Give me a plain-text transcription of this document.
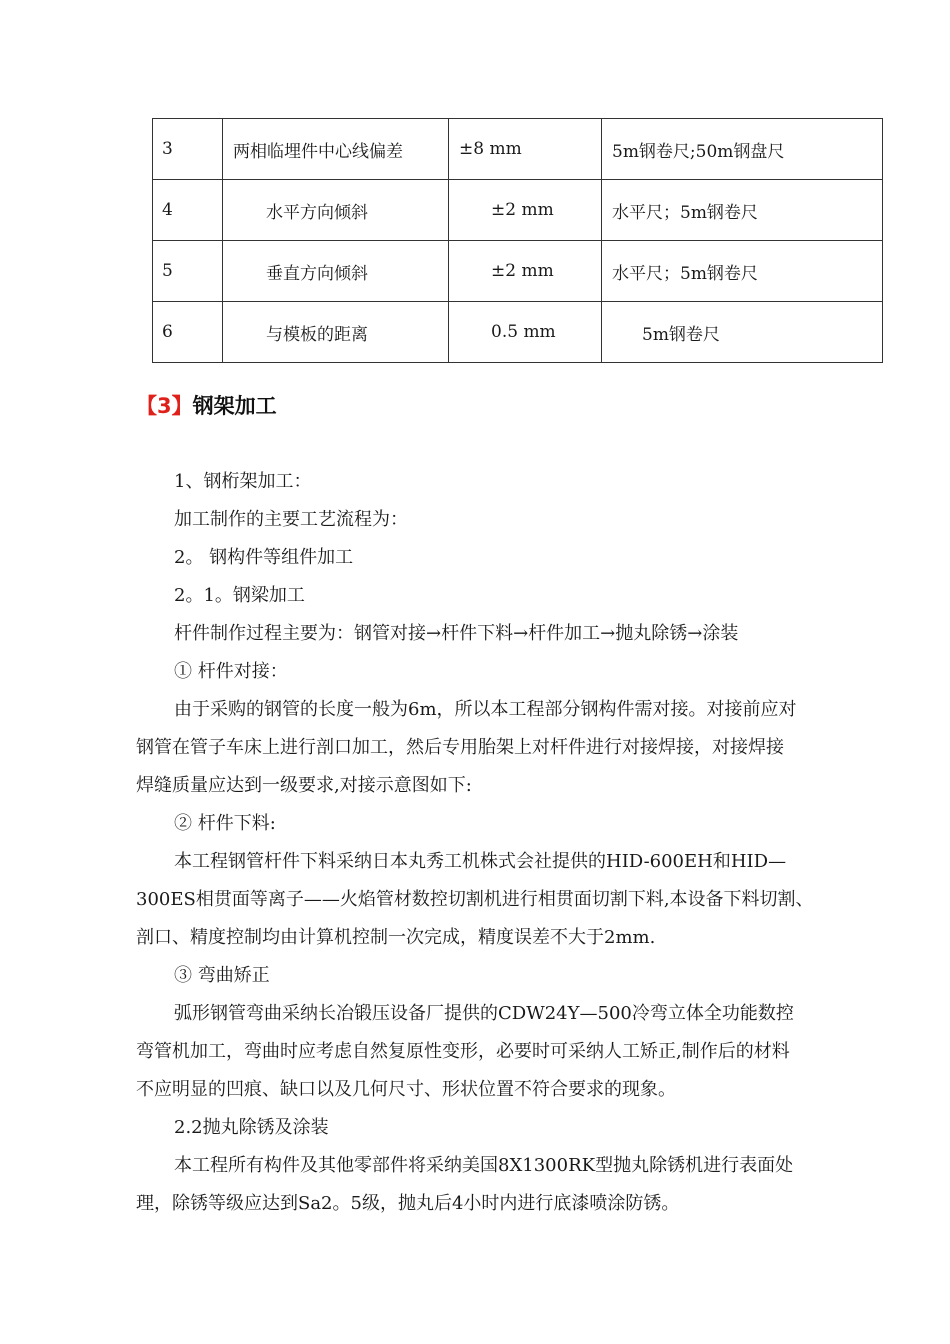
3	两相临埋件中心线偏差	±8 mm	5m钢卷尺;50m钢盘尺
4	水平方向倾斜	±2 mm	水平尺；5m钢卷尺
5	垂直方向倾斜	±2 mm	水平尺；5m钢卷尺
6	与模板的距离	0.5 mm	5m钢卷尺
【3】钢架加工
1、钢桁架加工：
加工制作的主要工艺流程为：
2。 钢构件等组件加工
2。1。钢梁加工
杆件制作过程主要为：钢管对接→杆件下料→杆件加工→抛丸除锈→涂装
① 杆件对接：
由于采购的钢管的长度一般为6m，所以本工程部分钢构件需对接。对接前应对
钢管在管子车床上进行剖口加工，然后专用胎架上对杆件进行对接焊接，对接焊接
焊缝质量应达到一级要求,对接示意图如下:
② 杆件下料:
本工程钢管杆件下料采纳日本丸秀工机株式会社提供的HID-600EH和HID—
300ES相贯面等离子——火焰管材数控切割机进行相贯面切割下料,本设备下料切割、
剖口、精度控制均由计算机控制一次完成，精度误差不大于2mm.
③ 弯曲矫正
弧形钢管弯曲采纳长冶锻压设备厂提供的CDW24Y—500冷弯立体全功能数控
弯管机加工，弯曲时应考虑自然复原性变形，必要时可采纳人工矫正,制作后的材料
不应明显的凹痕、缺口以及几何尺寸、形状位置不符合要求的现象。
2.2抛丸除锈及涂装
本工程所有构件及其他零部件将采纳美国8X1300RK型抛丸除锈机进行表面处
理，除锈等级应达到Sa2。5级，抛丸后4小时内进行底漆喷涂防锈。
